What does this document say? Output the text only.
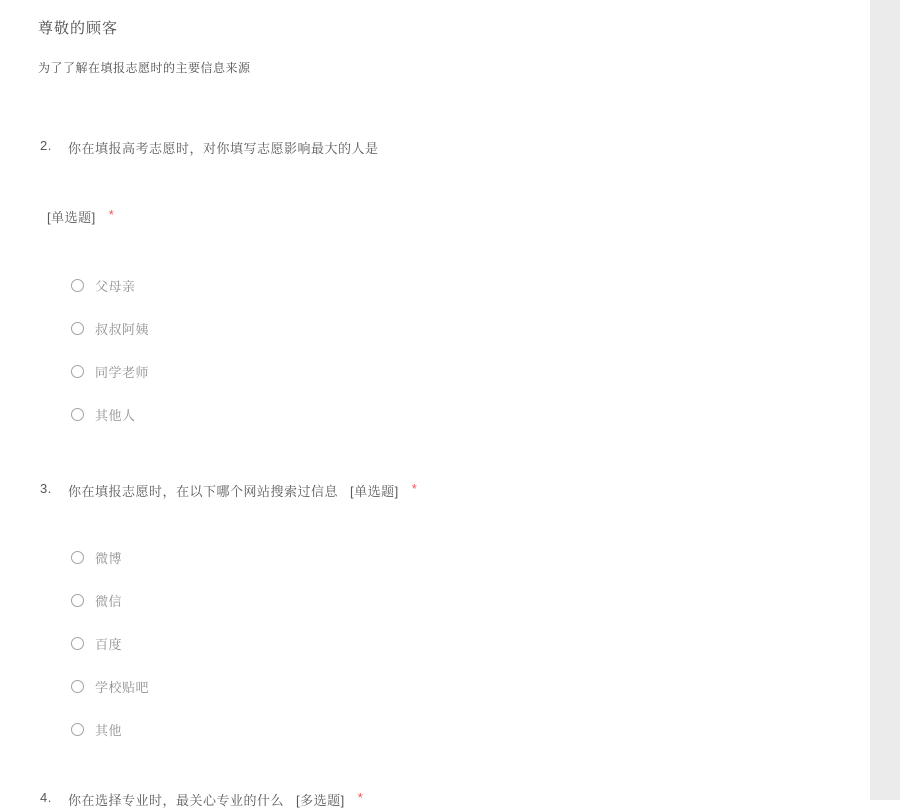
尊敬的顾客
为了了解在填报志愿时的主要信息来源
2.	你在填报高考志愿时，对你填写志愿影响最大的人是
[单选题] *
父母亲
叔叔阿姨
同学老师
其他人
3.	你在填报志愿时，在以下哪个网站搜索过信息 [单选题] *
微博
微信
百度
学校贴吧
其他
4.	你在选择专业时，最关心专业的什么 [多选题] *
